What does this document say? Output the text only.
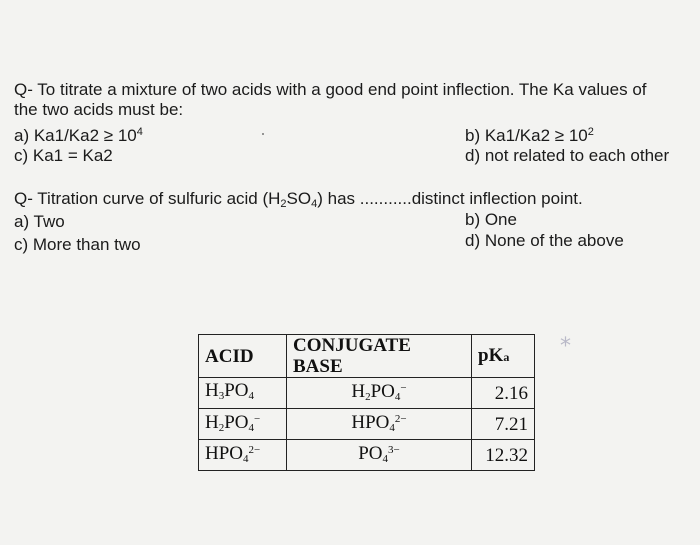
Q- To titrate a mixture of two acids with a good end point inflection. The Ka values of
the two acids must be:
a) $Ka1/Ka2 \ge 10^4$	b) $Ka1/Ka2 \ge 10^2$
c) Ka1 = Ka2	d) not related to each other
Q- Titration curve of sulfuric acid $(H_2SO_4)$ has ...........distinct inflection point.
a) Two	b) One
c) More than two	d) None of the above
ACID	CONJUGATE BASE	pKa
$H_3PO_4$	$H_2PO_4^-$	2.16
$H_2PO_4^-$	$HPO_4^{2-}$	7.21
$HPO_4^{2-}$	$PO_4^{3-}$	12.32
*
